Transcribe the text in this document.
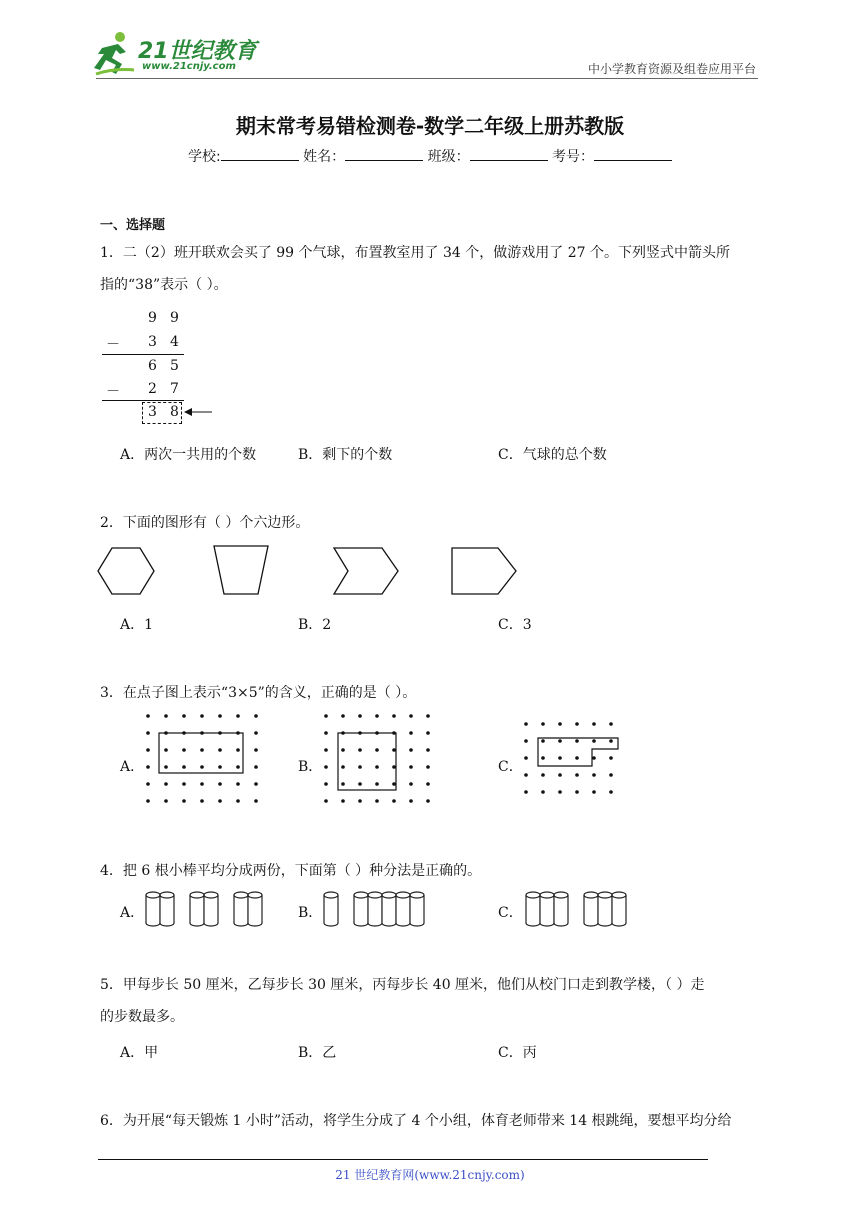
21世纪教育
www.21cnjy.com	中小学教育资源及组卷应用平台
期末常考易错检测卷-数学二年级上册苏教版
学校:	姓名：	班级：	考号：
一、选择题
1．二（2）班开联欢会买了 99 个气球，布置教室用了 34 个，做游戏用了 27 个。下列竖式中箭头所
指的“38”表示（ ）。
9 9
－ 3 4
6 5
－ 2 7
3 8
A．两次一共用的个数	B．剩下的个数	C．气球的总个数
2．下面的图形有（ ）个六边形。
A．1	B．2	C．3
3．在点子图上表示“3×5”的含义，正确的是（ ）。
A．	B．	C．
4．把 6 根小棒平均分成两份，下面第（ ）种分法是正确的。
A．	B．	C．
5．甲每步长 50 厘米，乙每步长 30 厘米，丙每步长 40 厘米，他们从校门口走到教学楼，（ ）走
的步数最多。
A．甲	B．乙	C．丙
6．为开展“每天锻炼 1 小时”活动，将学生分成了 4 个小组，体育老师带来 14 根跳绳，要想平均分给
21 世纪教育网(www.21cnjy.com)
